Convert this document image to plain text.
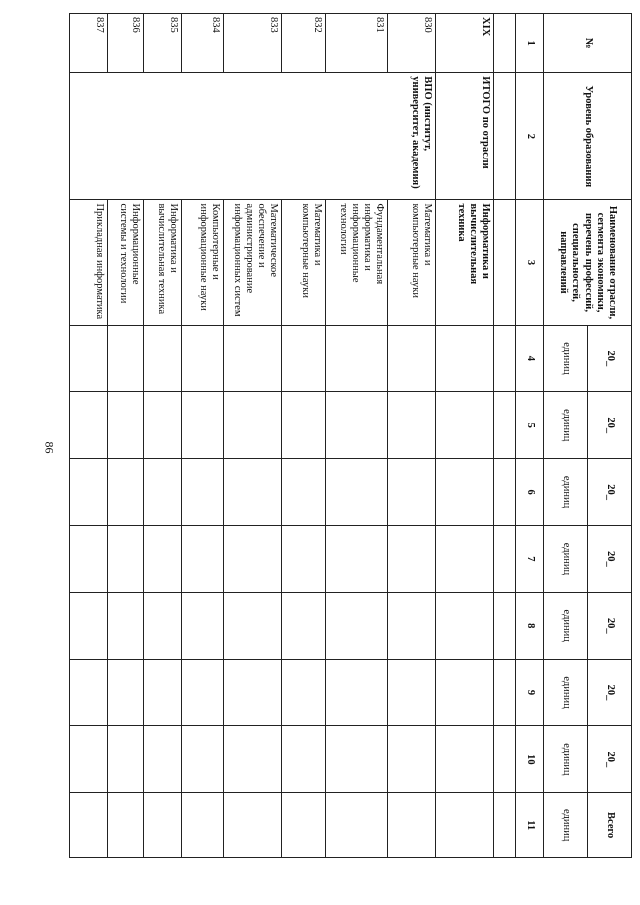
86
№	Уровень образования	Наименование отрасли, сегмента экономики, перечень профессий, специальностей, направлений	20_	20_	20_	20_	20_	20_	20_	Всего
			единиц	единиц	единиц	единиц	единиц	единиц	единиц	единиц
1	2	3	4	5	6	7	8	9	10	11

XIX	ИТОГО по отрасли	Информатика и вычислительная техника								
830	ВПО (институт, университет, академия)	Математика и компьютерные науки								
831		Фундаментальная информатика и информационные технологии								
832		Математика и компьютерные науки								
833		Математическое обеспечение и администрирование информационных систем								
834		Компьютерные и информационные науки								
835		Информатика и вычислительная техника								
836		Информационные системы и технологии								
837		Прикладная информатика								
